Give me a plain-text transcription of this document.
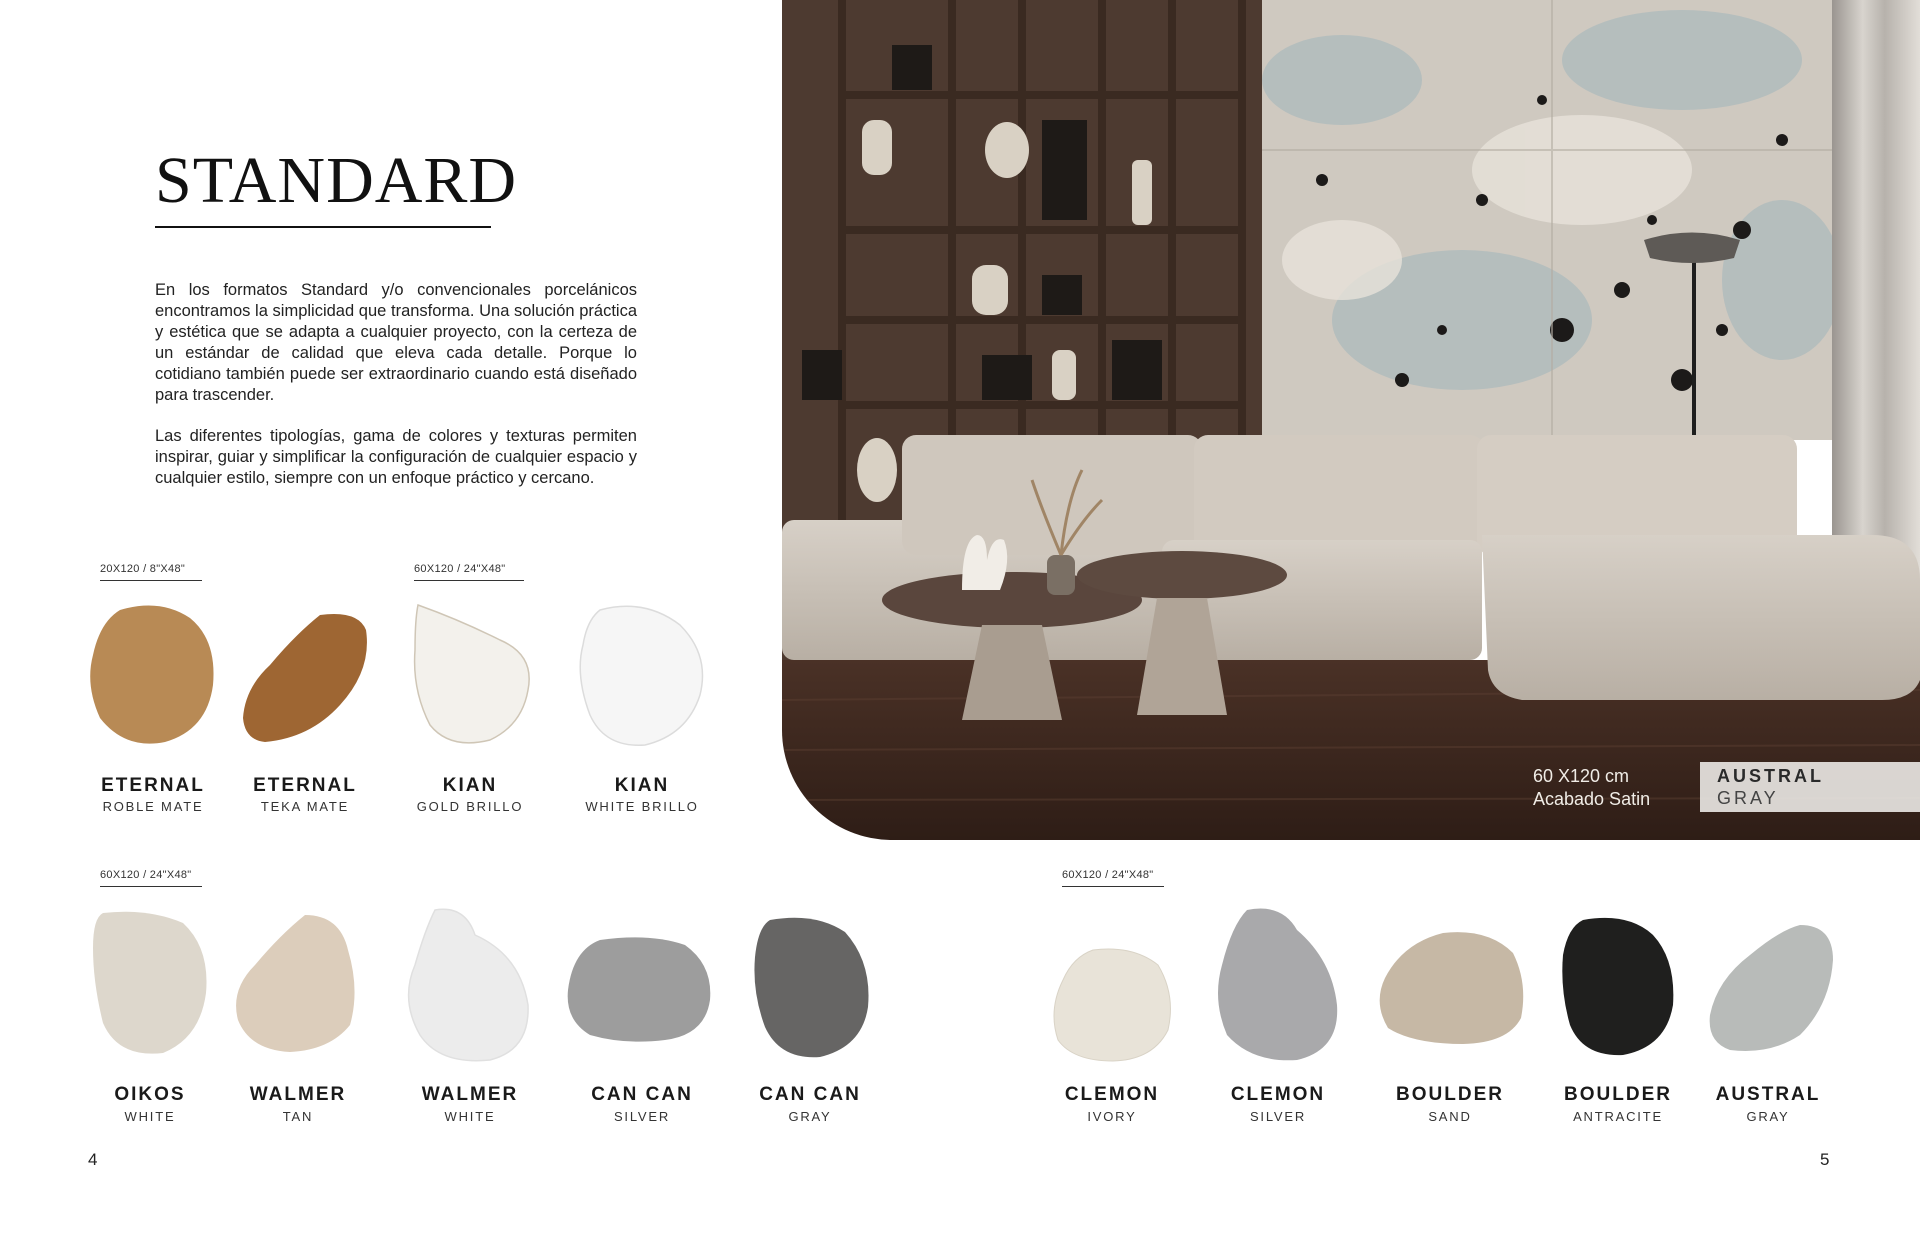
STANDARD

En los formatos Standard y/o convencionales porcelánicos encontramos la simplicidad que transforma. Una solución práctica y estética que se adapta a cualquier proyecto, con la certeza de un estándar de calidad que eleva cada detalle. Porque lo cotidiano también puede ser extraordinario cuando está diseñado para trascender.

Las diferentes tipologías, gama de colores y texturas permiten inspirar, guiar y simplificar la configuración de cualquier espacio y cualquier estilo, siempre con un enfoque práctico y cercano.

60 X120 cm
Acabado Satin
AUSTRAL
GRAY
20X120 / 8"X48"	60X120 / 24"X48"
60X120 / 24"X48"	60X120 / 24"X48"
ETERNAL
ROBLE MATE
ETERNAL
TEKA MATE
KIAN
GOLD BRILLO
KIAN
WHITE BRILLO
OIKOS
WHITE
WALMER
TAN
WALMER
WHITE
CAN CAN
SILVER
CAN CAN
GRAY
CLEMON
IVORY
CLEMON
SILVER
BOULDER
SAND
BOULDER
ANTRACITE
AUSTRAL
GRAY
4	5
